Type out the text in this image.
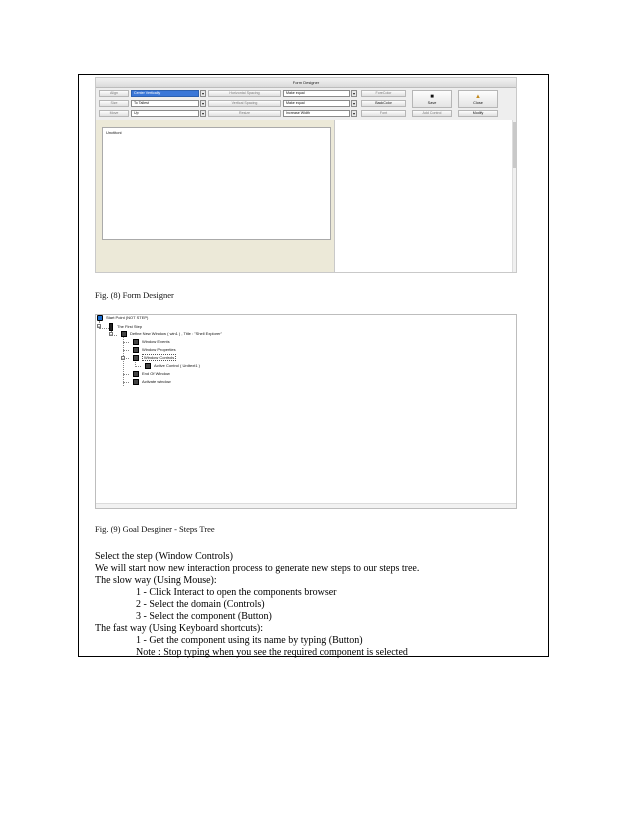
Form Designer
Align	Center Vertically	▾	Horizontal Spacing	Make equal	▾	ForeColor
Size	To Tallest	▾	Vertical Spacing	Make equal	▾	BackColor
Move	Up	▾	Resize	Increase Width	▾	Font
■
Save
▲
Close
Add Control	Modify
Unctitoni
Fig. (8) Form Designer
−
−
−
Start Point (NOT STEP)
The First Step
Define New Window ( win1 ) , Title : "Shell Explorer"
Window Events
Window Properties
Window Controls
Active Control ( Urdtext1 )
End Of Window
Activate window
Fig. (9) Goal Desginer - Steps Tree
Select the step (Window Controls)
We will start now new interaction process to generate new steps to our steps tree.
The slow way (Using Mouse):
1 - Click Interact to open the components browser
2 - Select the domain (Controls)
3 - Select the component (Button)
The fast way (Using Keyboard shortcuts):
1 - Get the component using its name by typing (Button)
Note : Stop typing when you see the required component is selected
